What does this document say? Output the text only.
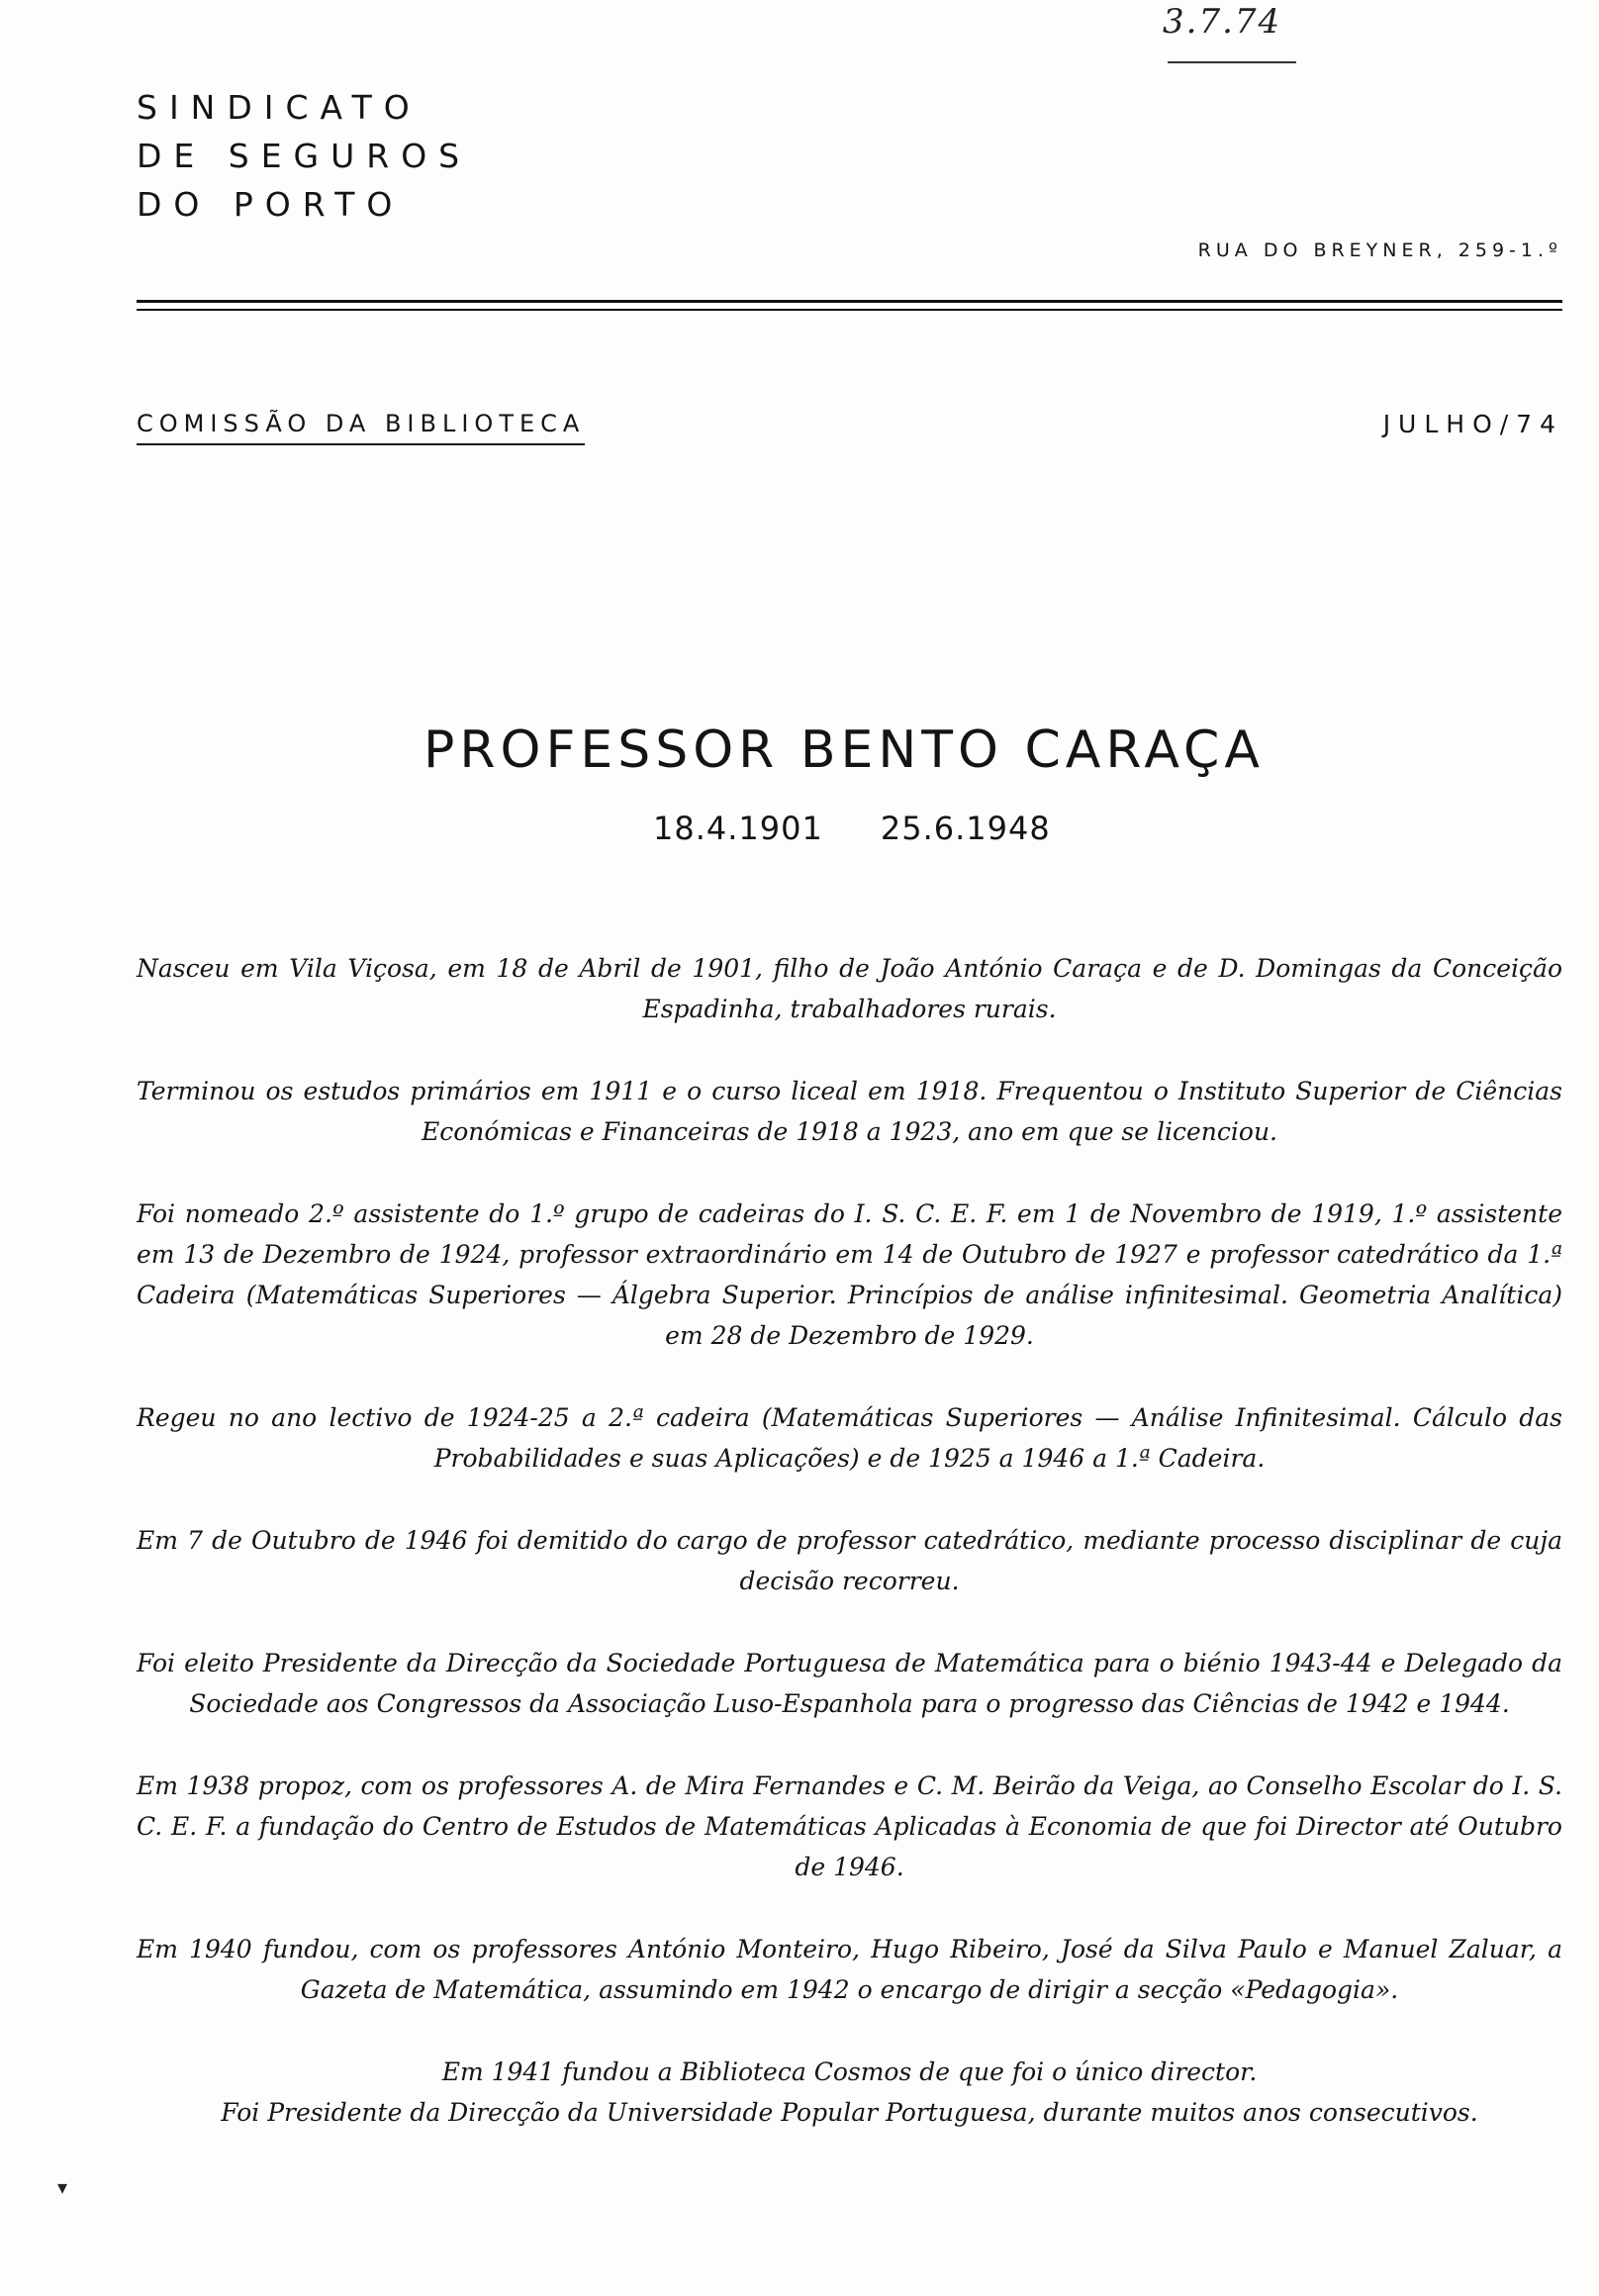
3.7.74
SINDICATO
DE SEGUROS
DO PORTO
RUA DO BREYNER, 259-1.º
COMISSÃO DA BIBLIOTECA	JULHO/74
PROFESSOR BENTO CARAÇA
18.4.1901 25.6.1948

Nasceu em Vila Viçosa, em 18 de Abril de 1901, filho de João António Caraça e de D. Domingas da Conceição Espadinha, trabalhadores rurais.

Terminou os estudos primários em 1911 e o curso liceal em 1918. Frequentou o Instituto Superior de Ciências Económicas e Financeiras de 1918 a 1923, ano em que se licenciou.

Foi nomeado 2.º assistente do 1.º grupo de cadeiras do I. S. C. E. F. em 1 de Novembro de 1919, 1.º assistente em 13 de Dezembro de 1924, professor extraordinário em 14 de Outubro de 1927 e professor catedrático da 1.ª Cadeira (Matemáticas Superiores — Álgebra Superior. Princípios de análise infinitesimal. Geometria Analítica) em 28 de Dezembro de 1929.

Regeu no ano lectivo de 1924-25 a 2.ª cadeira (Matemáticas Superiores — Análise Infinitesimal. Cálculo das Probabilidades e suas Aplicações) e de 1925 a 1946 a 1.ª Cadeira.

Em 7 de Outubro de 1946 foi demitido do cargo de professor catedrático, mediante processo disciplinar de cuja decisão recorreu.

Foi eleito Presidente da Direcção da Sociedade Portuguesa de Matemática para o biénio 1943-44 e Delegado da Sociedade aos Congressos da Associação Luso-Espanhola para o progresso das Ciências de 1942 e 1944.

Em 1938 propoz, com os professores A. de Mira Fernandes e C. M. Beirão da Veiga, ao Conselho Escolar do I. S. C. E. F. a fundação do Centro de Estudos de Matemáticas Aplicadas à Economia de que foi Director até Outubro de 1946.

Em 1940 fundou, com os professores António Monteiro, Hugo Ribeiro, José da Silva Paulo e Manuel Zaluar, a Gazeta de Matemática, assumindo em 1942 o encargo de dirigir a secção «Pedagogia».

Em 1941 fundou a Biblioteca Cosmos de que foi o único director.

Foi Presidente da Direcção da Universidade Popular Portuguesa, durante muitos anos consecutivos.

▾
